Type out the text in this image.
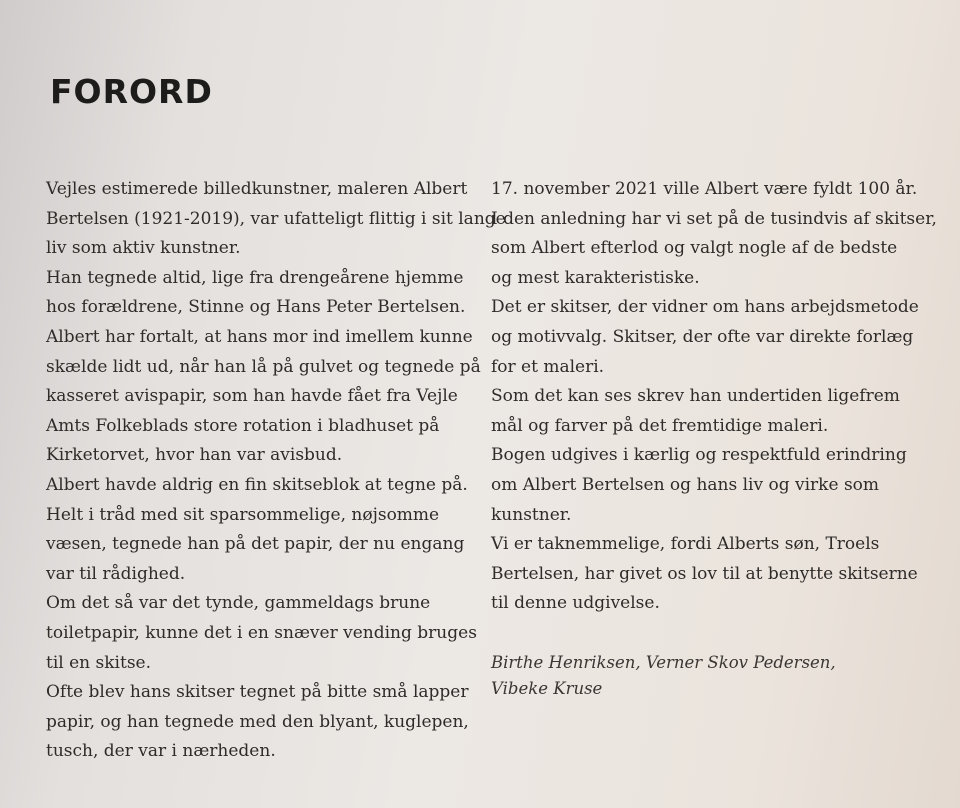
FORORD
Vejles estimerede billedkunstner, maleren Albert
Bertelsen (1921-2019), var ufatteligt flittig i sit lange
liv som aktiv kunstner.
Han tegnede altid, lige fra drengeårene hjemme
hos forældrene, Stinne og Hans Peter Bertelsen.
Albert har fortalt, at hans mor ind imellem kunne
skælde lidt ud, når han lå på gulvet og tegnede på
kasseret avispapir, som han havde fået fra Vejle
Amts Folkeblads store rotation i bladhuset på
Kirketorvet, hvor han var avisbud.
Albert havde aldrig en fin skitseblok at tegne på.
Helt i tråd med sit sparsommelige, nøjsomme
væsen, tegnede han på det papir, der nu engang
var til rådighed.
Om det så var det tynde, gammeldags brune
toiletpapir, kunne det i en snæver vending bruges
til en skitse.
Ofte blev hans skitser tegnet på bitte små lapper
papir, og han tegnede med den blyant, kuglepen,
tusch, der var i nærheden.
17. november 2021 ville Albert være fyldt 100 år.
I den anledning har vi set på de tusindvis af skitser,
som Albert efterlod og valgt nogle af de bedste
og mest karakteristiske.
Det er skitser, der vidner om hans arbejdsmetode
og motivvalg. Skitser, der ofte var direkte forlæg
for et maleri.
Som det kan ses skrev han undertiden ligefrem
mål og farver på det fremtidige maleri.
Bogen udgives i kærlig og respektfuld erindring
om Albert Bertelsen og hans liv og virke som
kunstner.
Vi er taknemmelige, fordi Alberts søn, Troels
Bertelsen, har givet os lov til at benytte skitserne
til denne udgivelse.
Birthe Henriksen, Verner Skov Pedersen,
Vibeke Kruse
